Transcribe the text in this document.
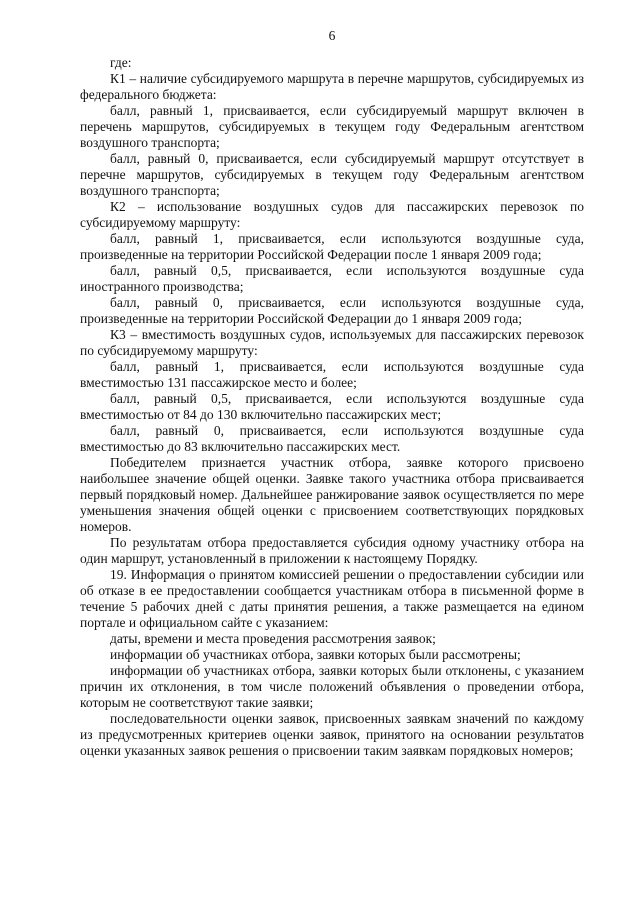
6

где:

К1 – наличие субсидируемого маршрута в перечне маршрутов, субсидируемых из федерального бюджета:

балл, равный 1, присваивается, если субсидируемый маршрут включен в перечень маршрутов, субсидируемых в текущем году Федеральным агентством воздушного транспорта;

балл, равный 0, присваивается, если субсидируемый маршрут отсутствует в перечне маршрутов, субсидируемых в текущем году Федеральным агентством воздушного транспорта;

К2 – использование воздушных судов для пассажирских перевозок по субсидируемому маршруту:

балл, равный 1, присваивается, если используются воздушные суда, произведенные на территории Российской Федерации после 1 января 2009 года;

балл, равный 0,5, присваивается, если используются воздушные суда иностранного производства;

балл, равный 0, присваивается, если используются воздушные суда, произведенные на территории Российской Федерации до 1 января 2009 года;

К3 – вместимость воздушных судов, используемых для пассажирских перевозок по субсидируемому маршруту:

балл, равный 1, присваивается, если используются воздушные суда вместимостью 131 пассажирское место и более;

балл, равный 0,5, присваивается, если используются воздушные суда вместимостью от 84 до 130 включительно пассажирских мест;

балл, равный 0, присваивается, если используются воздушные суда вместимостью до 83 включительно пассажирских мест.

Победителем признается участник отбора, заявке которого присвоено наибольшее значение общей оценки. Заявке такого участника отбора присваивается первый порядковый номер. Дальнейшее ранжирование заявок осуществляется по мере уменьшения значения общей оценки с присвоением соответствующих порядковых номеров.

По результатам отбора предоставляется субсидия одному участнику отбора на один маршрут, установленный в приложении к настоящему Порядку.

19. Информация о принятом комиссией решении о предоставлении субсидии или об отказе в ее предоставлении сообщается участникам отбора в письменной форме в течение 5 рабочих дней с даты принятия решения, а также размещается на едином портале и официальном сайте с указанием:

даты, времени и места проведения рассмотрения заявок;

информации об участниках отбора, заявки которых были рассмотрены;

информации об участниках отбора, заявки которых были отклонены, с указанием причин их отклонения, в том числе положений объявления о проведении отбора, которым не соответствуют такие заявки;

последовательности оценки заявок, присвоенных заявкам значений по каждому из предусмотренных критериев оценки заявок, принятого на основании результатов оценки указанных заявок решения о присвоении таким заявкам порядковых номеров;
